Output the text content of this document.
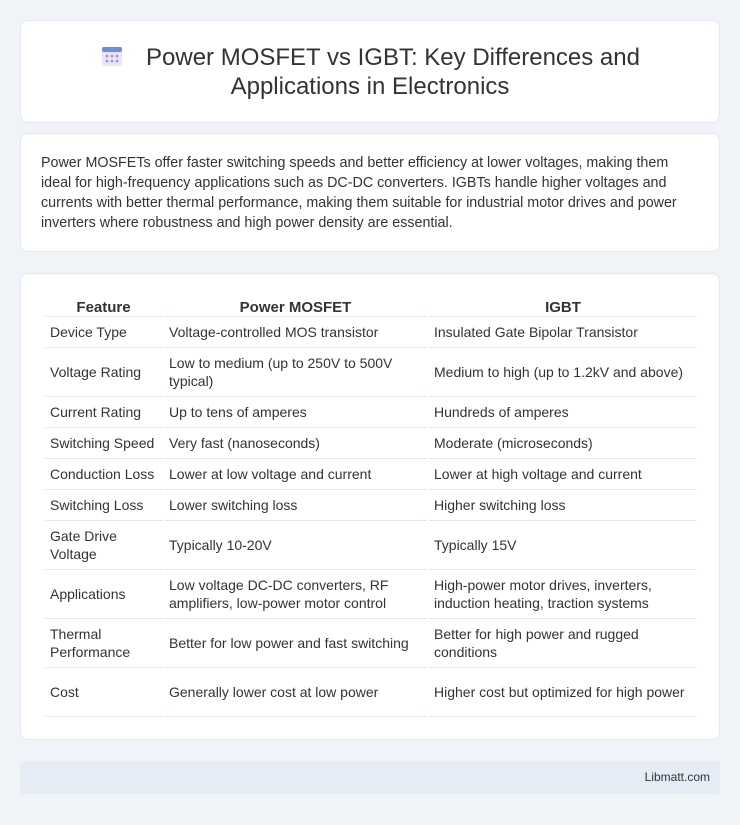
Power MOSFET vs IGBT: Key Differences and
Applications in Electronics

Power MOSFETs offer faster switching speeds and better efficiency at lower voltages, making them ideal for high-frequency applications such as DC-DC converters. IGBTs handle higher voltages and currents with better thermal performance, making them suitable for industrial motor drives and power inverters where robustness and high power density are essential.

Feature	Power MOSFET	IGBT
Device Type	Voltage-controlled MOS transistor	Insulated Gate Bipolar Transistor
Voltage Rating	Low to medium (up to 250V to 500V typical)	Medium to high (up to 1.2kV and above)
Current Rating	Up to tens of amperes	Hundreds of amperes
Switching Speed	Very fast (nanoseconds)	Moderate (microseconds)
Conduction Loss	Lower at low voltage and current	Lower at high voltage and current
Switching Loss	Lower switching loss	Higher switching loss
Gate Drive Voltage	Typically 10-20V	Typically 15V
Applications	Low voltage DC-DC converters, RF amplifiers, low-power motor control	High-power motor drives, inverters, induction heating, traction systems
Thermal Performance	Better for low power and fast switching	Better for high power and rugged conditions
Cost	Generally lower cost at low power	Higher cost but optimized for high power
Libmatt.com
